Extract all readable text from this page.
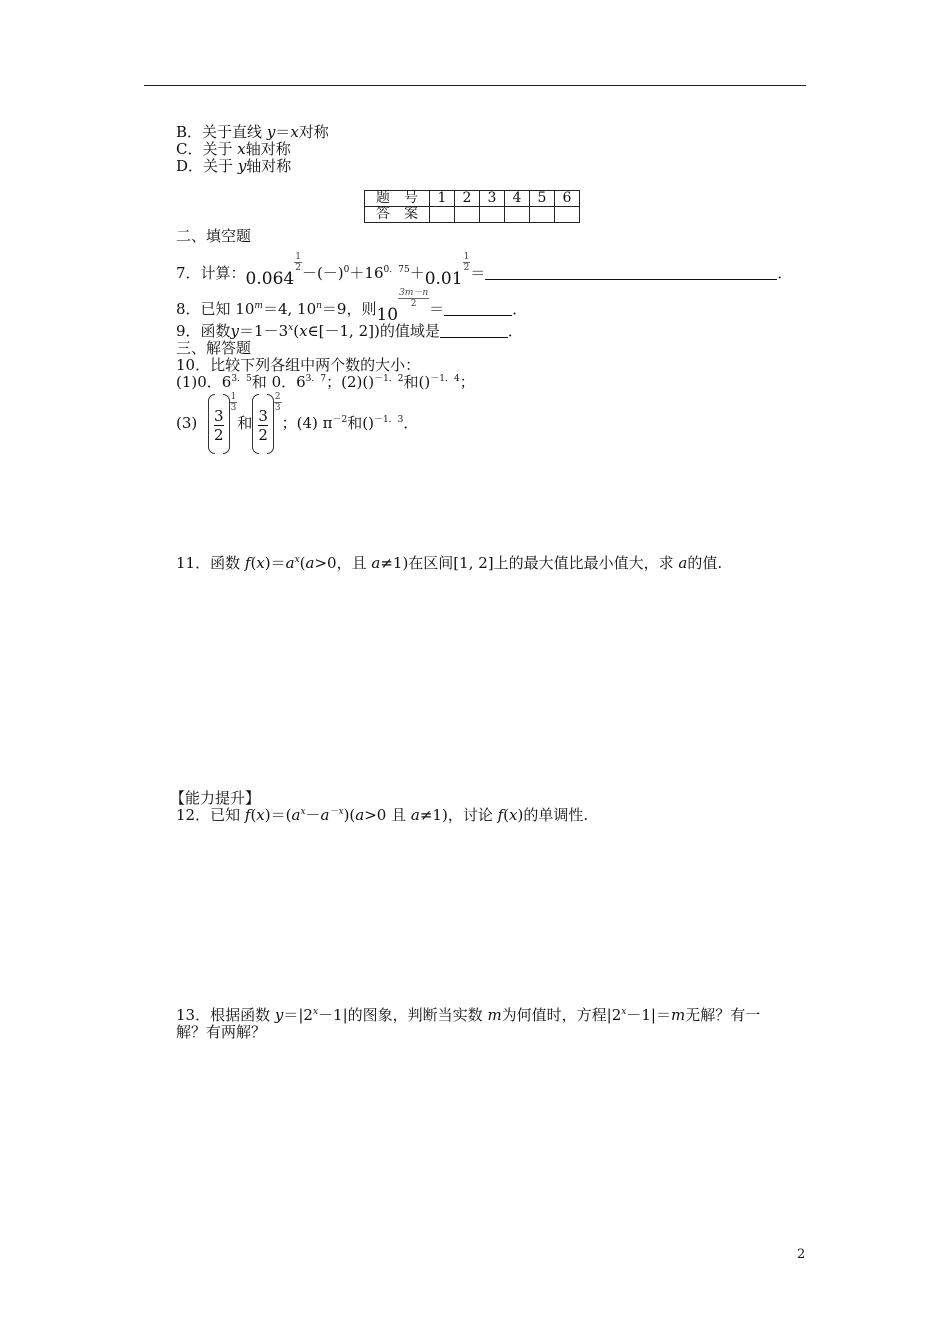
B．关于直线 y＝x对称
C．关于 x轴对称
D．关于 y轴对称
题　号	1	2	3	4	5	6
答　案						
二、填空题
7．计算：0.064
$\frac{1}{2} -(-)^0+16^{0.75}+0.01$
$\frac{1}{2}$ ＝	．
8．已知 $10^m=4$, $10^n=9$，则10
$\frac{3m-n}{2}$ ＝	．
9．函数$y=1-3^x(x\in[-1$, 2])的值域是	．
三、解答题
10．比较下列各组中两个数的大小：
(1)0．$6^{3.5}$和 0．$6^{3.7}$；(2)()$^{-1.2}$和()$^{-1.4}$；
$(3) \frac{3}{2}$
$\frac{1}{3}$
和 $\frac{3}{2}$
$\frac{2}{3}$
；(4) $\pi^{-2}$和()$^{-1.3}$．
11．函数 $f(x)=a^x(a>0$，且 a≠1)在区间[1, 2]上的最大值比最小值大，求 a的值.
【能力提升】
12．已知 $f(x)=(a^x-a^{-x})(a>0$ 且 a≠1)，讨论 f(x)的单调性.
13．根据函数 $y=|2^x-1|$的图象，判断当实数 m为何值时，方程$|2^x-1|=m$无解？有一
解？有两解？
2
